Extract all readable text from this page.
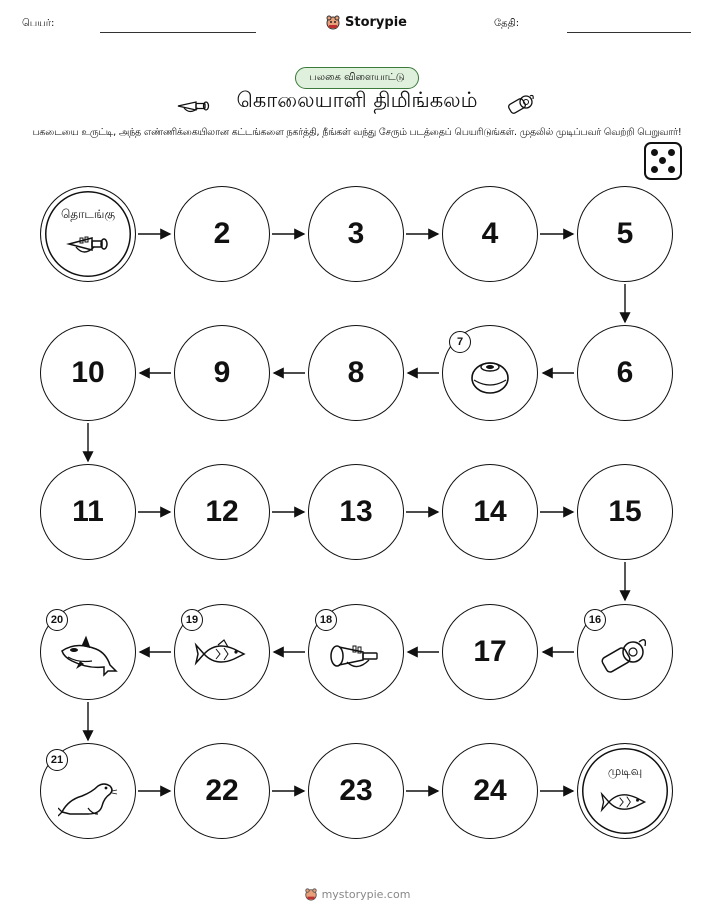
பெயர்:	Storypie	தேதி:
பலகை விளையாட்டு
கொலையாளி திமிங்கலம்
பகடையை உருட்டி, அந்த எண்ணிக்கையிலான கட்டங்களை நகர்த்தி, நீங்கள் வந்து சேரும் படத்தைப் பெயரிடுங்கள். முதலில் முடிப்பவர் வெற்றி பெறுவார்!
தொடங்கு
2	3	4	5
10	9	8
7
6
11	12	13	14	15
20	19	18
17
16
21
22	23	24
முடிவு
mystorypie.com
